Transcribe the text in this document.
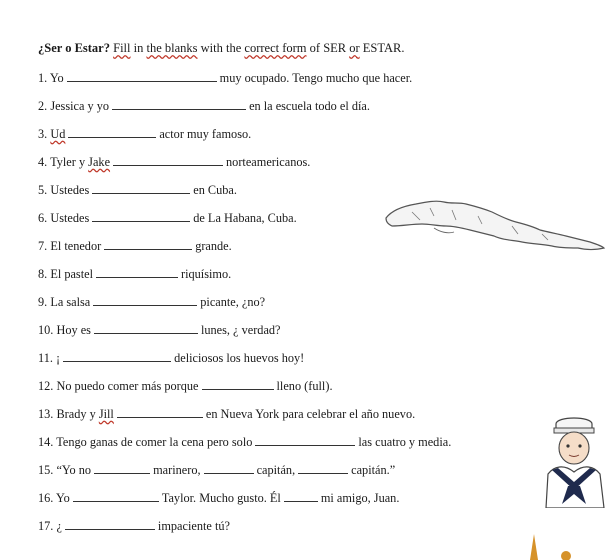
¿Ser o Estar? Fill in the blanks with the correct form of SER or ESTAR.
1. Yo	muy ocupado. Tengo mucho que hacer.
2. Jessica y yo	en la escuela todo el día.
3. Ud	actor muy famoso.
4. Tyler y Jake	norteamericanos.
5. Ustedes	en Cuba.
6. Ustedes	de La Habana, Cuba.
7. El tenedor	grande.
8. El pastel	riquísimo.
9. La salsa	picante, ¿no?
10. Hoy es	lunes, ¿ verdad?
11. ¡	deliciosos los huevos hoy!
12. No puedo comer más porque	lleno (full).
13. Brady y Jill	en Nueva York para celebrar el año nuevo.
14. Tengo ganas de comer la cena pero solo	las cuatro y media.
15. “Yo no	marinero,	capitán,	capitán.”
16. Yo	Taylor. Mucho gusto. Él	mi amigo, Juan.
17. ¿	impaciente tú?
